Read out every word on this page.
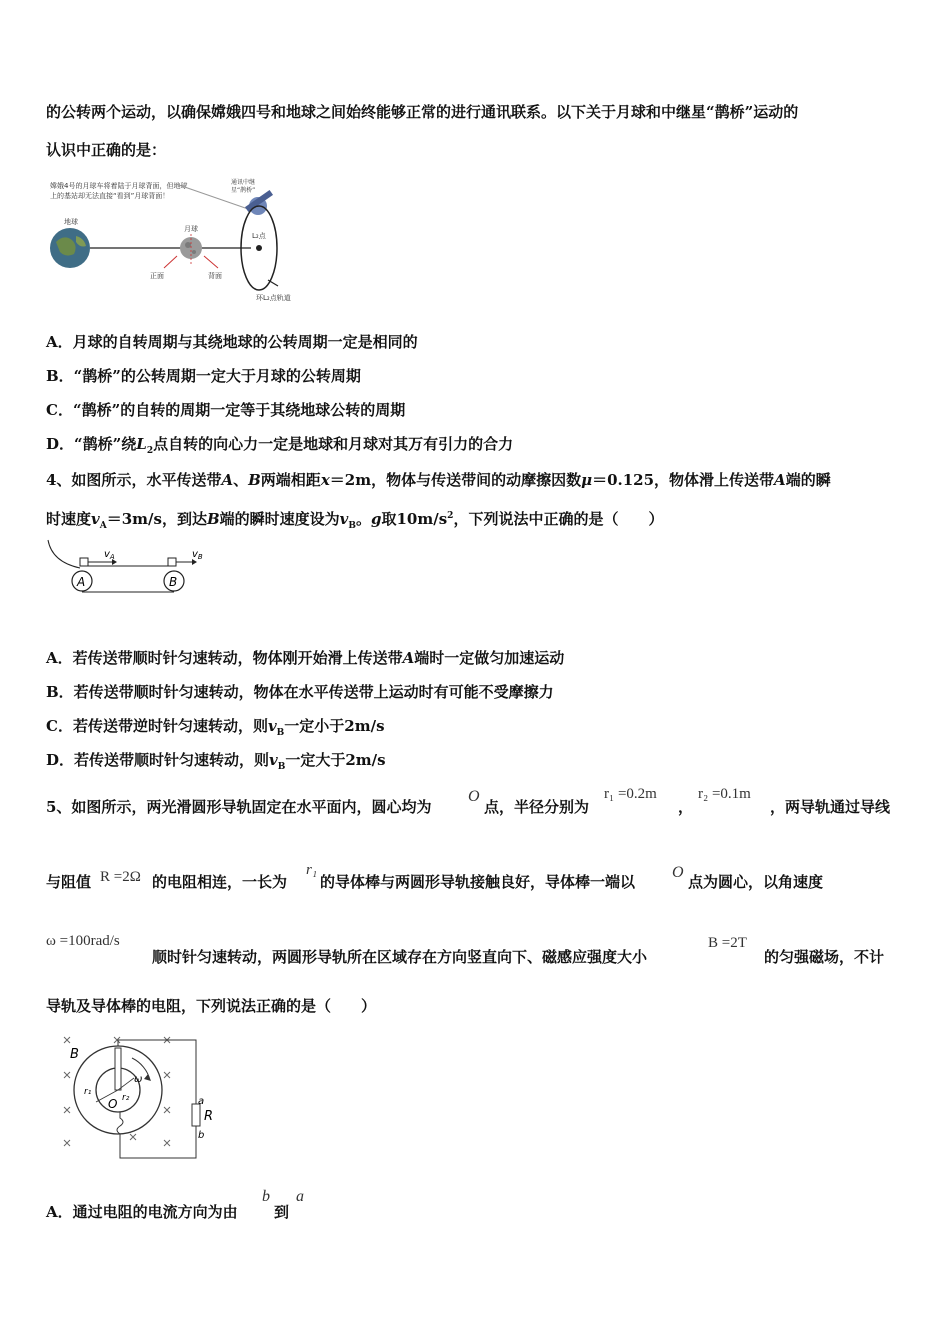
的公转两个运动，以确保嫦娥四号和地球之间始终能够正常的进行通讯联系。以下关于月球和中继星“鹊桥”运动的
认识中正确的是：
嫦娥4号的月球车将着陆于月球背面，但地球
上的基站却无法直接“看到”月球背面！
通讯中继
星“鹊桥”
地球
月球
正面	背面
L₂点
环L₂点轨道
A．月球的自转周期与其绕地球的公转周期一定是相同的
B．“鹊桥”的公转周期一定大于月球的公转周期
C．“鹊桥”的自转的周期一定等于其绕地球公转的周期
D．“鹊桥”绕$L_2$点自转的向心力一定是地球和月球对其万有引力的合力
4、如图所示，水平传送带A、B两端相距x＝2m，物体与传送带间的动摩擦因数μ＝0.125，物体滑上传送带A端的瞬
时速度$v_A=3m/s$，到达B端的瞬时速度设为$v_B$。g取$10m/s^2$，下列说法中正确的是（　　）
A	B
$v_A$	$v_B$
A．若传送带顺时针匀速转动，物体刚开始滑上传送带A端时一定做匀加速运动
B．若传送带顺时针匀速转动，物体在水平传送带上运动时有可能不受摩擦力
C．若传送带逆时针匀速转动，则$v_B$一定小于2m/s
D．若传送带顺时针匀速转动，则$v_B$一定大于2m/s
5、如图所示，两光滑圆形导轨固定在水平面内，圆心均为
O
点，半径分别为
r₁ =0.2m
，
r₂ =0.1m
，两导轨通过导线
与阻值 R =2Ω 的电阻相连，一长为
r₁
的导体棒与两圆形导轨接触良好，导体棒一端以
O
点为圆心，以角速度
ω =100rad/s
顺时针匀速转动，两圆形导轨所在区域存在方向竖直向下、磁感应强度大小
B =2T
的匀强磁场，不计
导轨及导体棒的电阻，下列说法正确的是（　　）
B
r₁
r₂
O
ω
R
a
b
A．通过电阻的电流方向为由
b
到
a
